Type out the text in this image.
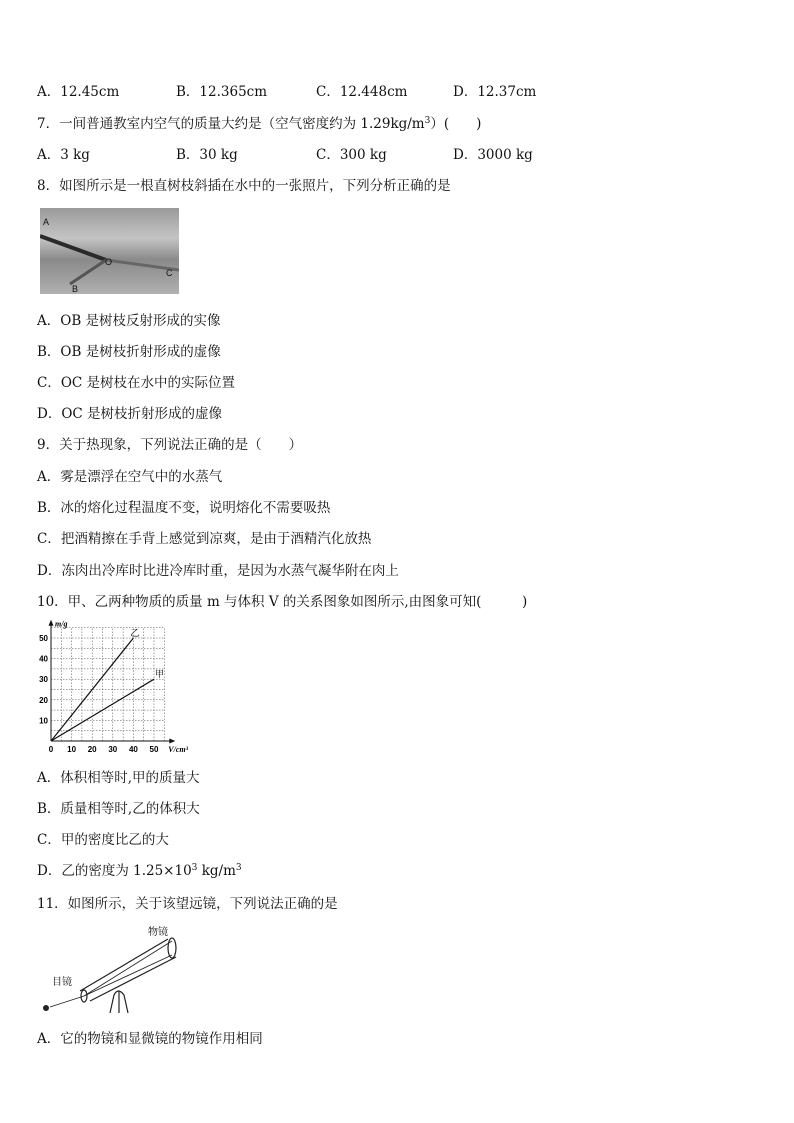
A．12.45cm	B．12.365cm	C．12.448cm	D．12.37cm
7．一间普通教室内空气的质量大约是（空气密度约为 $1.29kg/m^3$）(　　)
A．3 kg	B．30 kg	C．300 kg	D．3000 kg
8．如图所示是一根直树枝斜插在水中的一张照片，下列分析正确的是
A
B
O
C
A．OB 是树枝反射形成的实像
B．OB 是树枝折射形成的虚像
C．OC 是树枝在水中的实际位置
D．OC 是树枝折射形成的虚像
9．关于热现象，下列说法正确的是（　　）
A．雾是漂浮在空气中的水蒸气
B．冰的熔化过程温度不变，说明熔化不需要吸热
C．把酒精擦在手背上感觉到凉爽，是由于酒精汽化放热
D．冻肉出冷库时比进冷库时重，是因为水蒸气凝华附在肉上
10．甲、乙两种物质的质量 m 与体积 V 的关系图象如图所示,由图象可知(　　　)
0 10 20 30 40 50
10
20
30
40
50
V/cm³
m/g
乙
甲
A．体积相等时,甲的质量大
B．质量相等时,乙的体积大
C．甲的密度比乙的大
D．乙的密度为 $1.25\times 10^3$ $kg/m^3$
11．如图所示，关于该望远镜，下列说法正确的是
物镜
目镜
A．它的物镜和显微镜的物镜作用相同
